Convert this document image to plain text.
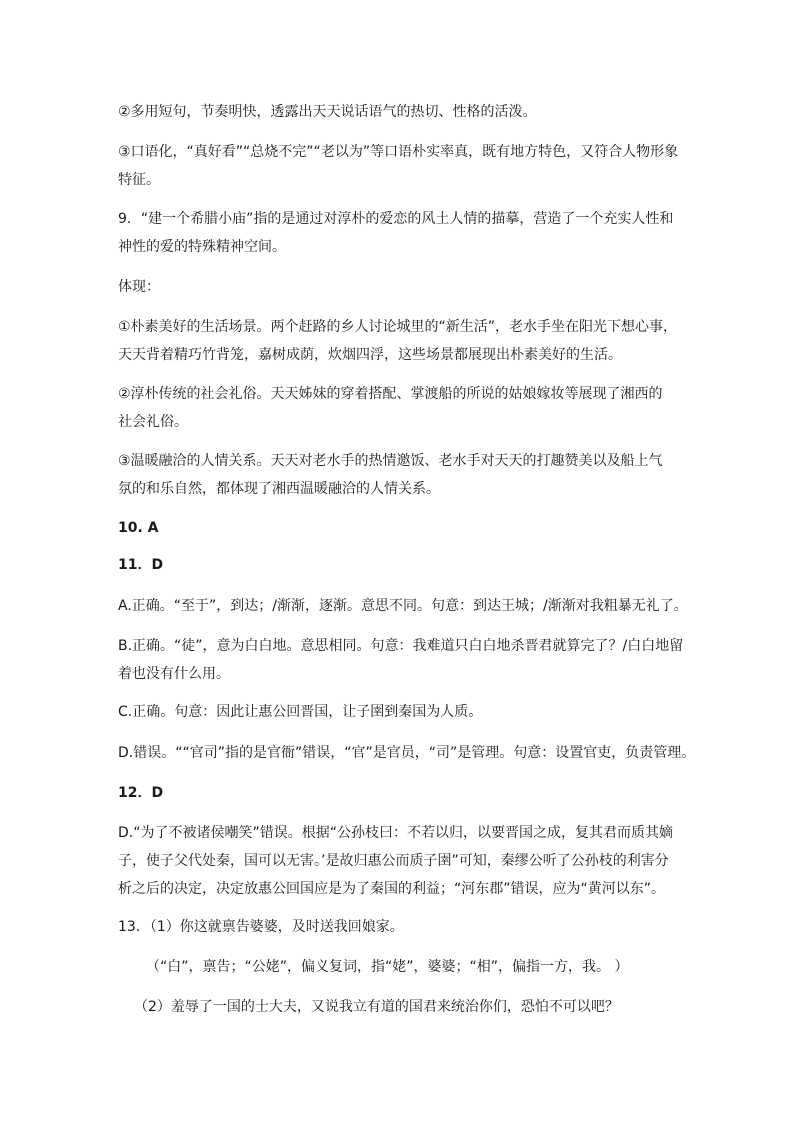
②多用短句，节奏明快，透露出天天说话语气的热切、性格的活泼。

③口语化，“真好看”“总烧不完”“老以为”等口语朴实率真，既有地方特色，又符合人物形象
特征。

9．“建一个希腊小庙”指的是通过对淳朴的爱恋的风土人情的描摹，营造了一个充实人性和
神性的爱的特殊精神空间。

体现：

①朴素美好的生活场景。两个赶路的乡人讨论城里的“新生活”，老水手坐在阳光下想心事，
天天背着精巧竹背笼，嘉树成荫，炊烟四浮，这些场景都展现出朴素美好的生活。

②淳朴传统的社会礼俗。天天姊妹的穿着搭配、掌渡船的所说的姑娘嫁妆等展现了湘西的
社会礼俗。

③温暖融洽的人情关系。天天对老水手的热情邀饭、老水手对天天的打趣赞美以及船上气
氛的和乐自然，都体现了湘西温暖融洽的人情关系。

10. A

11．D

A.正确。“至于”，到达；/渐渐，逐渐。意思不同。句意：到达王城；/渐渐对我粗暴无礼了。

B.正确。“徒”，意为白白地。意思相同。句意：我难道只白白地杀晋君就算完了？/白白地留
着也没有什么用。

C.正确。句意：因此让惠公回晋国，让子圉到秦国为人质。

D.错误。““官司”指的是官衙”错误，“官”是官员，“司”是管理。句意：设置官吏，负责管理。

12．D

D.“为了不被诸侯嘲笑”错误。根据“公孙枝曰：不若以归，以要晋国之成，复其君而质其嫡
子，使子父代处秦，国可以无害。’是故归惠公而质子圉”可知，秦缪公听了公孙枝的利害分
析之后的决定，决定放惠公回国应是为了秦国的利益；“河东郡”错误，应为“黄河以东”。

13．（1）你这就禀告婆婆，及时送我回娘家。

（“白”，禀告；“公姥”，偏义复词，指“姥”，婆婆；“相”，偏指一方，我。 ）

（2）羞辱了一国的士大夫，又说我立有道的国君来统治你们，恐怕不可以吧？
